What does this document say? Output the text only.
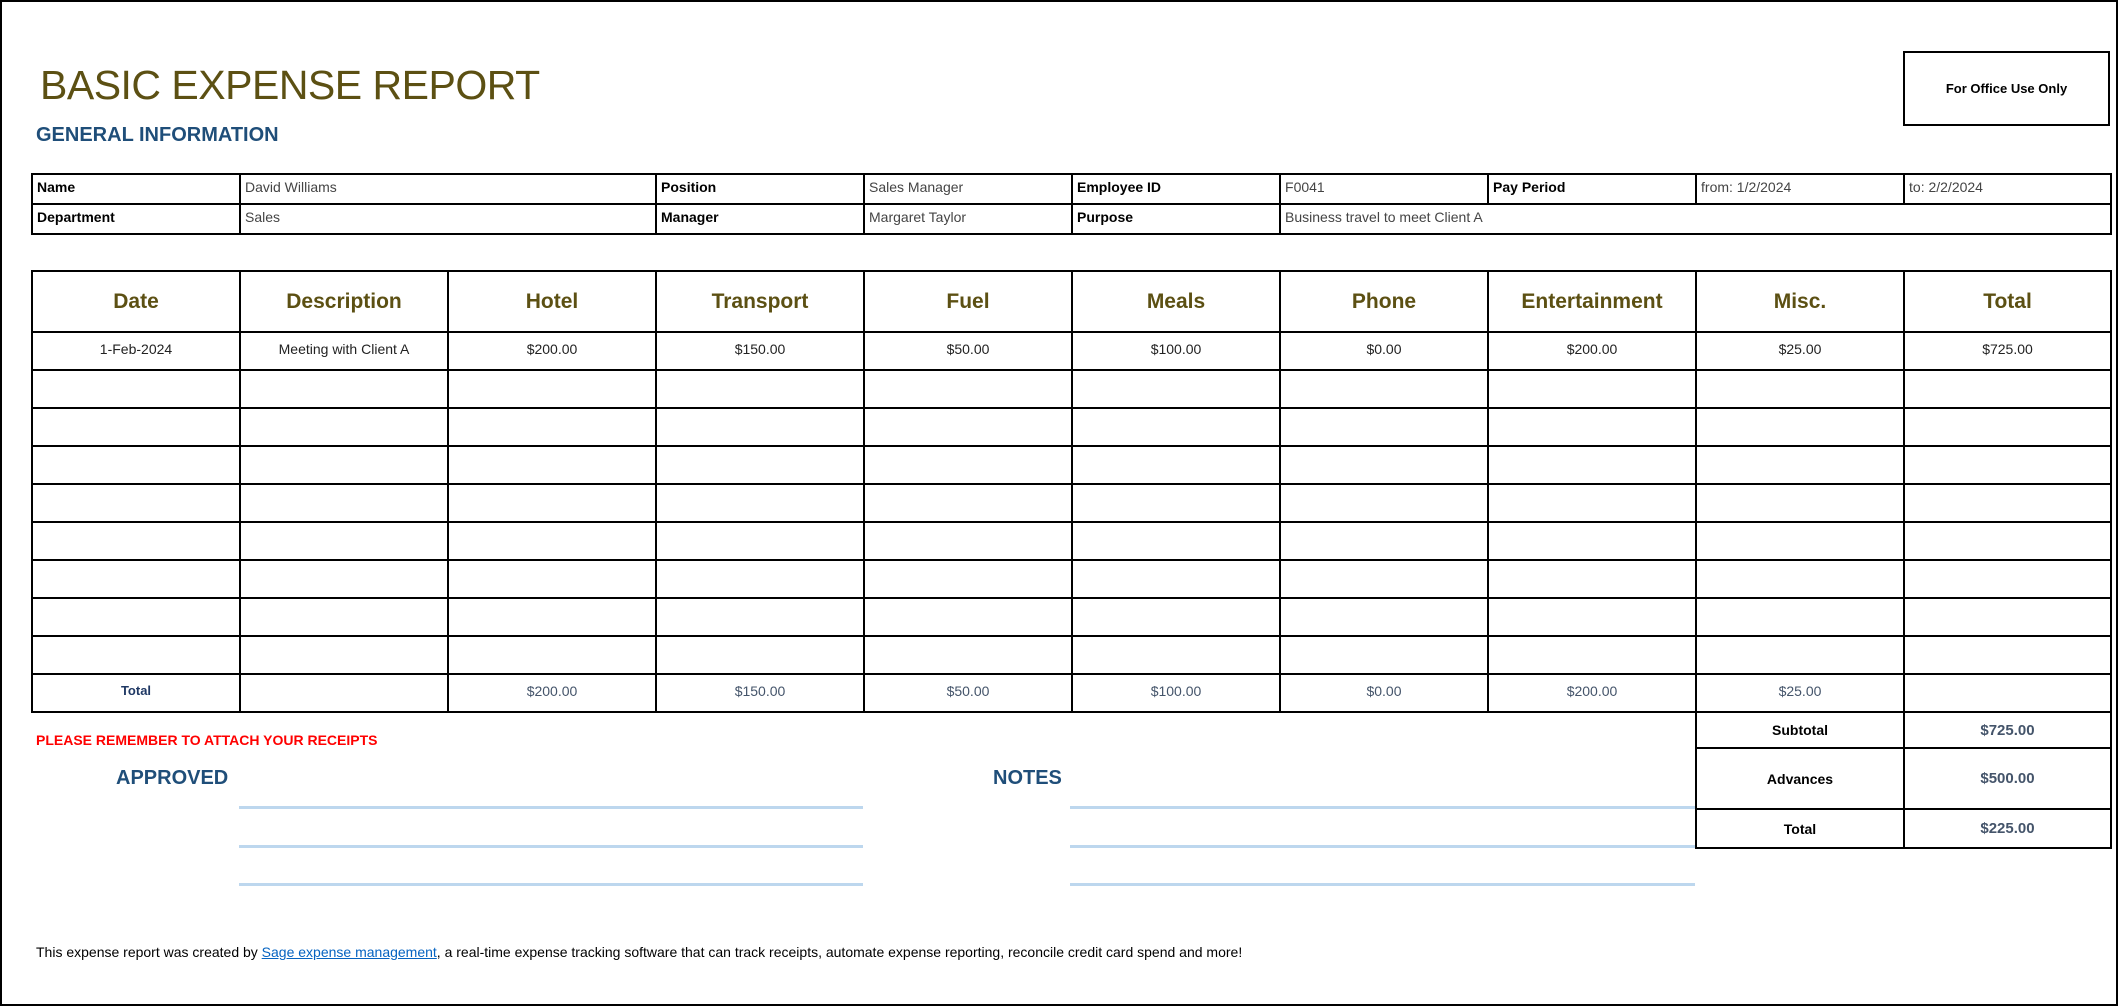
BASIC EXPENSE REPORT
GENERAL INFORMATION
For Office Use Only
Name	David Williams	Position	Sales Manager	Employee ID	F0041	Pay Period	from: 1/2/2024	to: 2/2/2024
Department	Sales	Manager	Margaret Taylor	Purpose	Business travel to meet Client A			
Date	Description	Hotel	Transport	Fuel	Meals	Phone	Entertainment	Misc.	Total
1-Feb-2024	Meeting with Client A	$200.00	$150.00	$50.00	$100.00	$0.00	$200.00	$25.00	$725.00

Total		$200.00	$150.00	$50.00	$100.00	$0.00	$200.00	$25.00	
Subtotal	$725.00
Advances	$500.00
Total	$225.00
PLEASE REMEMBER TO ATTACH YOUR RECEIPTS
APPROVED	NOTES
This expense report was created by Sage expense management, a real-time expense tracking software that can track receipts, automate expense reporting, reconcile credit card spend and more!
